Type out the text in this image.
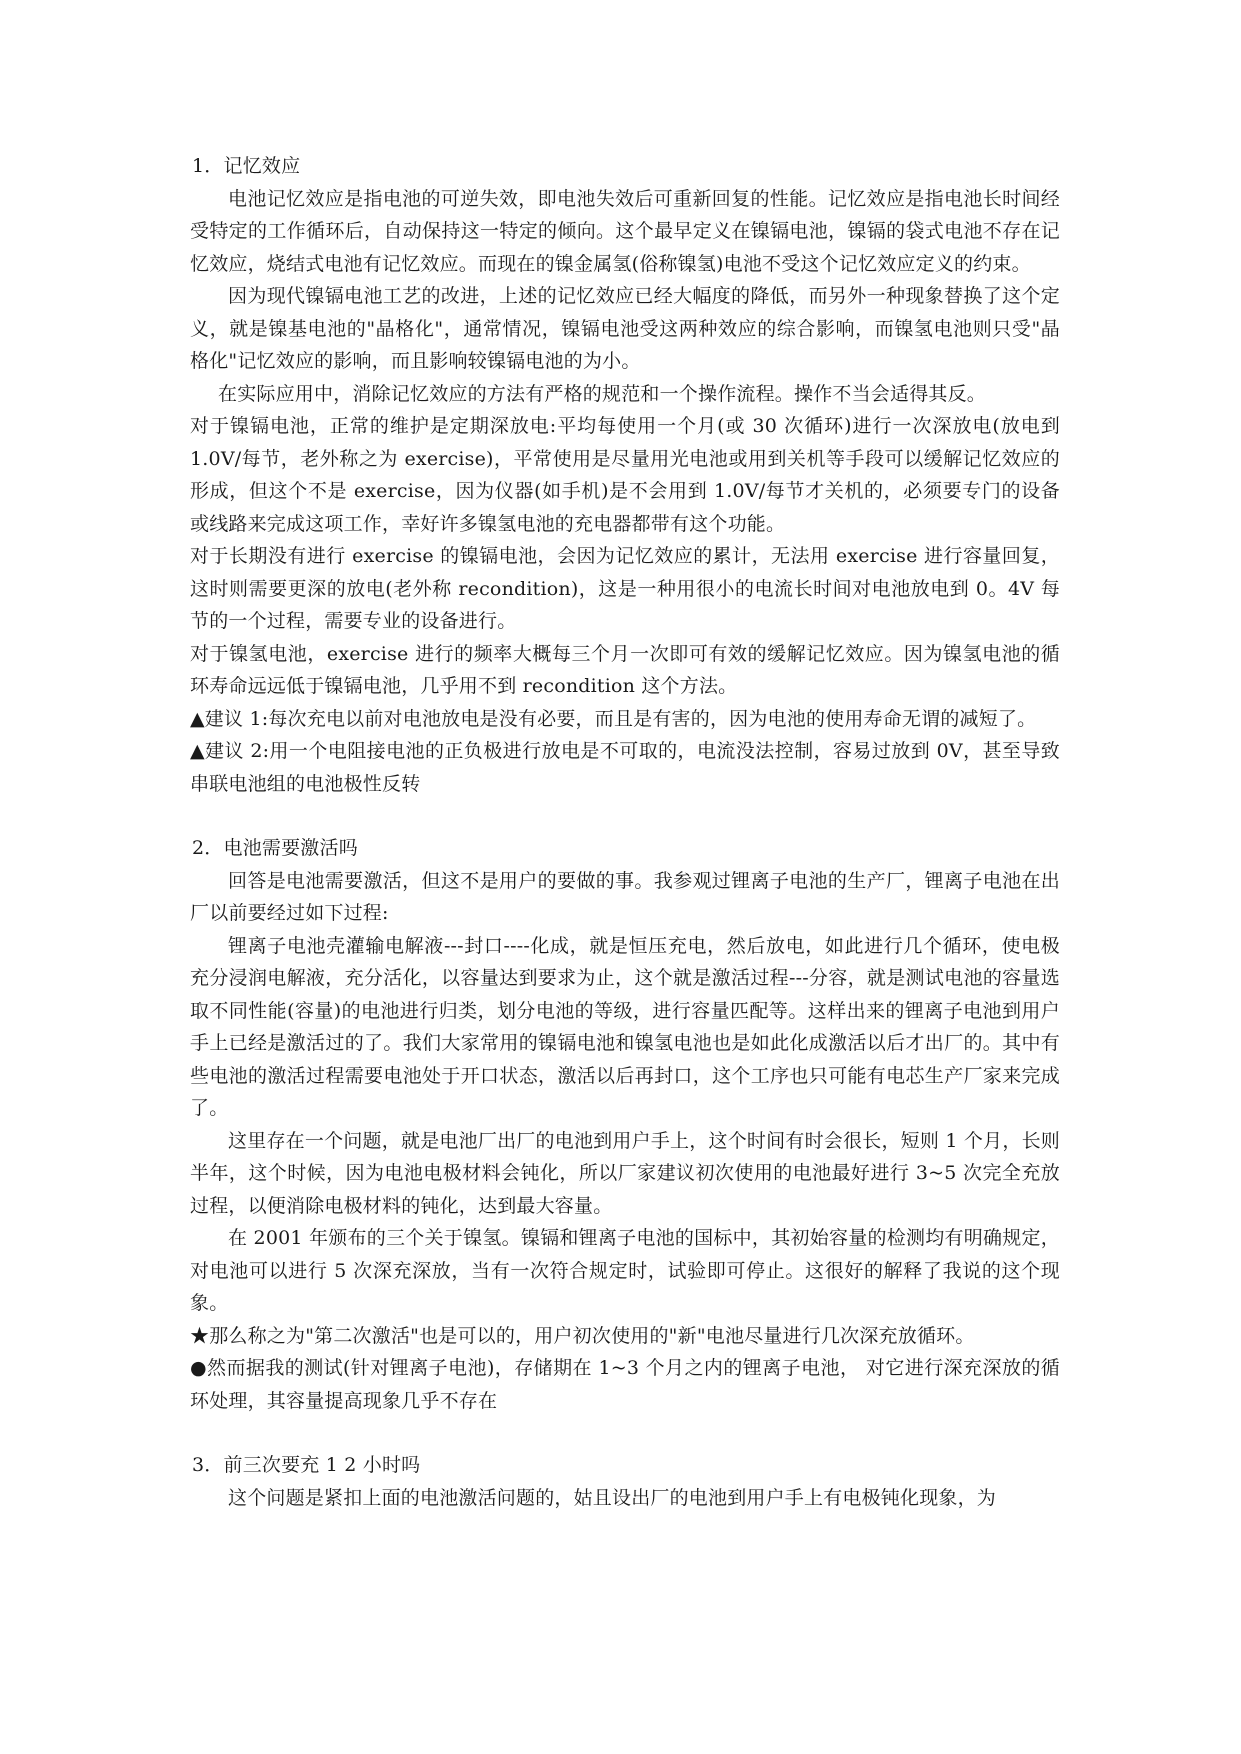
1．记忆效应

电池记忆效应是指电池的可逆失效，即电池失效后可重新回复的性能。记忆效应是指电池长时间经受特定的工作循环后，自动保持这一特定的倾向。这个最早定义在镍镉电池，镍镉的袋式电池不存在记忆效应，烧结式电池有记忆效应。而现在的镍金属氢(俗称镍氢)电池不受这个记忆效应定义的约束。

因为现代镍镉电池工艺的改进，上述的记忆效应已经大幅度的降低，而另外一种现象替换了这个定义，就是镍基电池的"晶格化"，通常情况，镍镉电池受这两种效应的综合影响，而镍氢电池则只受"晶格化"记忆效应的影响，而且影响较镍镉电池的为小。

在实际应用中，消除记忆效应的方法有严格的规范和一个操作流程。操作不当会适得其反。

对于镍镉电池，正常的维护是定期深放电:平均每使用一个月(或 30 次循环)进行一次深放电(放电到 1.0V/每节，老外称之为 exercise)，平常使用是尽量用光电池或用到关机等手段可以缓解记忆效应的形成，但这个不是 exercise，因为仪器(如手机)是不会用到 1.0V/每节才关机的，必须要专门的设备或线路来完成这项工作，幸好许多镍氢电池的充电器都带有这个功能。

对于长期没有进行 exercise 的镍镉电池，会因为记忆效应的累计，无法用 exercise 进行容量回复，这时则需要更深的放电(老外称 recondition)，这是一种用很小的电流长时间对电池放电到 0。4V 每节的一个过程，需要专业的设备进行。

对于镍氢电池，exercise 进行的频率大概每三个月一次即可有效的缓解记忆效应。因为镍氢电池的循环寿命远远低于镍镉电池，几乎用不到 recondition 这个方法。

▲建议 1:每次充电以前对电池放电是没有必要，而且是有害的，因为电池的使用寿命无谓的减短了。

▲建议 2:用一个电阻接电池的正负极进行放电是不可取的，电流没法控制，容易过放到 0V，甚至导致串联电池组的电池极性反转

2．电池需要激活吗

回答是电池需要激活，但这不是用户的要做的事。我参观过锂离子电池的生产厂，锂离子电池在出厂以前要经过如下过程:

锂离子电池壳灌输电解液---封口----化成，就是恒压充电，然后放电，如此进行几个循环，使电极充分浸润电解液，充分活化，以容量达到要求为止，这个就是激活过程---分容，就是测试电池的容量选取不同性能(容量)的电池进行归类，划分电池的等级，进行容量匹配等。这样出来的锂离子电池到用户手上已经是激活过的了。我们大家常用的镍镉电池和镍氢电池也是如此化成激活以后才出厂的。其中有些电池的激活过程需要电池处于开口状态，激活以后再封口，这个工序也只可能有电芯生产厂家来完成了。

这里存在一个问题，就是电池厂出厂的电池到用户手上，这个时间有时会很长，短则 1 个月，长则半年，这个时候，因为电池电极材料会钝化，所以厂家建议初次使用的电池最好进行 3~5 次完全充放过程，以便消除电极材料的钝化，达到最大容量。

在 2001 年颁布的三个关于镍氢。镍镉和锂离子电池的国标中，其初始容量的检测均有明确规定，对电池可以进行 5 次深充深放，当有一次符合规定时，试验即可停止。这很好的解释了我说的这个现象。

★那么称之为"第二次激活"也是可以的，用户初次使用的"新"电池尽量进行几次深充放循环。

●然而据我的测试(针对锂离子电池)，存储期在 1~3 个月之内的锂离子电池， 对它进行深充深放的循环处理，其容量提高现象几乎不存在

3．前三次要充 1 2 小时吗

这个问题是紧扣上面的电池激活问题的，姑且设出厂的电池到用户手上有电极钝化现象，为
